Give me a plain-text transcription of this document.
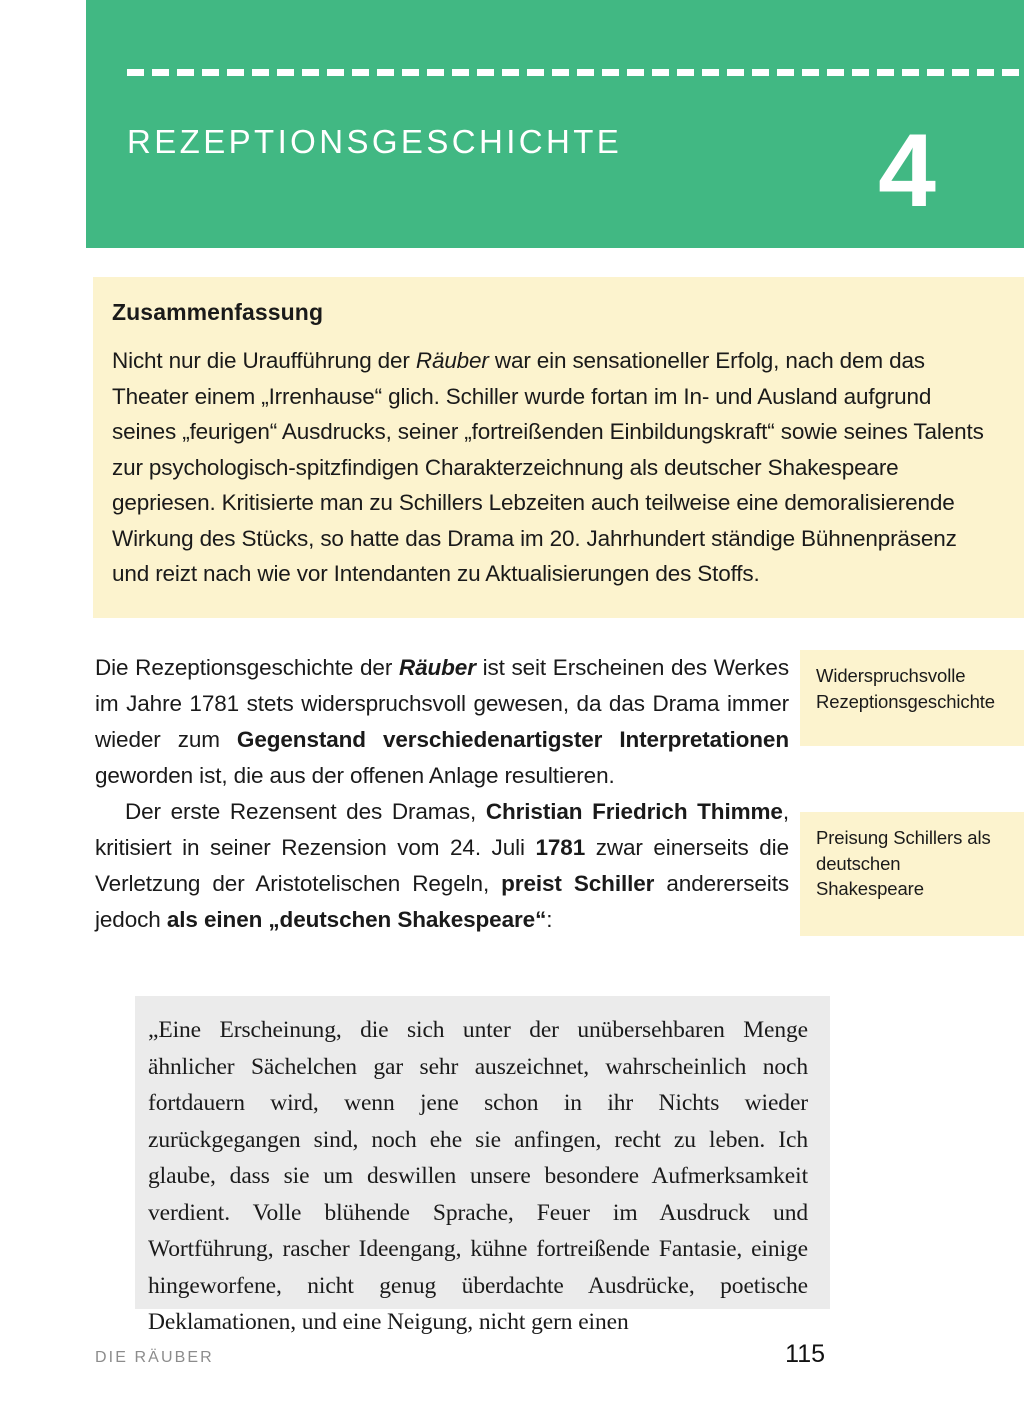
REZEPTIONSGESCHICHTE 4
Zusammenfassung

Nicht nur die Uraufführung der Räuber war ein sensationeller Erfolg, nach dem das Theater einem „Irrenhause“ glich. Schiller wurde fortan im In- und Ausland aufgrund seines „feurigen“ Ausdrucks, seiner „fortreißenden Einbildungskraft“ sowie seines Talents zur psychologisch-spitzfindigen Charakterzeichnung als deutscher Shakespeare gepriesen. Kritisierte man zu Schillers Lebzeiten auch teilweise eine demoralisierende Wirkung des Stücks, so hatte das Drama im 20. Jahrhundert ständige Bühnenpräsenz und reizt nach wie vor Intendanten zu Aktualisierungen des Stoffs.

Die Rezeptionsgeschichte der Räuber ist seit Erscheinen des Werkes im Jahre 1781 stets widerspruchsvoll gewesen, da das Drama immer wieder zum Gegenstand verschiedenartigster Interpretationen geworden ist, die aus der offenen Anlage resultieren.

Der erste Rezensent des Dramas, Christian Friedrich Thimme, kritisiert in seiner Rezension vom 24. Juli 1781 zwar einerseits die Verletzung der Aristotelischen Regeln, preist Schiller andererseits jedoch als einen „deutschen Shakespeare“:

Widerspruchsvolle Rezeptionsgeschichte
Preisung Schillers als deutschen Shakespeare

„Eine Erscheinung, die sich unter der unübersehbaren Menge ähnlicher Sächelchen gar sehr auszeichnet, wahrscheinlich noch fortdauern wird, wenn jene schon in ihr Nichts wieder zurückgegangen sind, noch ehe sie anfingen, recht zu leben. Ich glaube, dass sie um deswillen unsere besondere Aufmerksamkeit verdient. Volle blühende Sprache, Feuer im Ausdruck und Wortführung, rascher Ideengang, kühne fortreißende Fantasie, einige hingeworfene, nicht genug überdachte Ausdrücke, poetische Deklamationen, und eine Neigung, nicht gern einen

DIE RÄUBER	115
